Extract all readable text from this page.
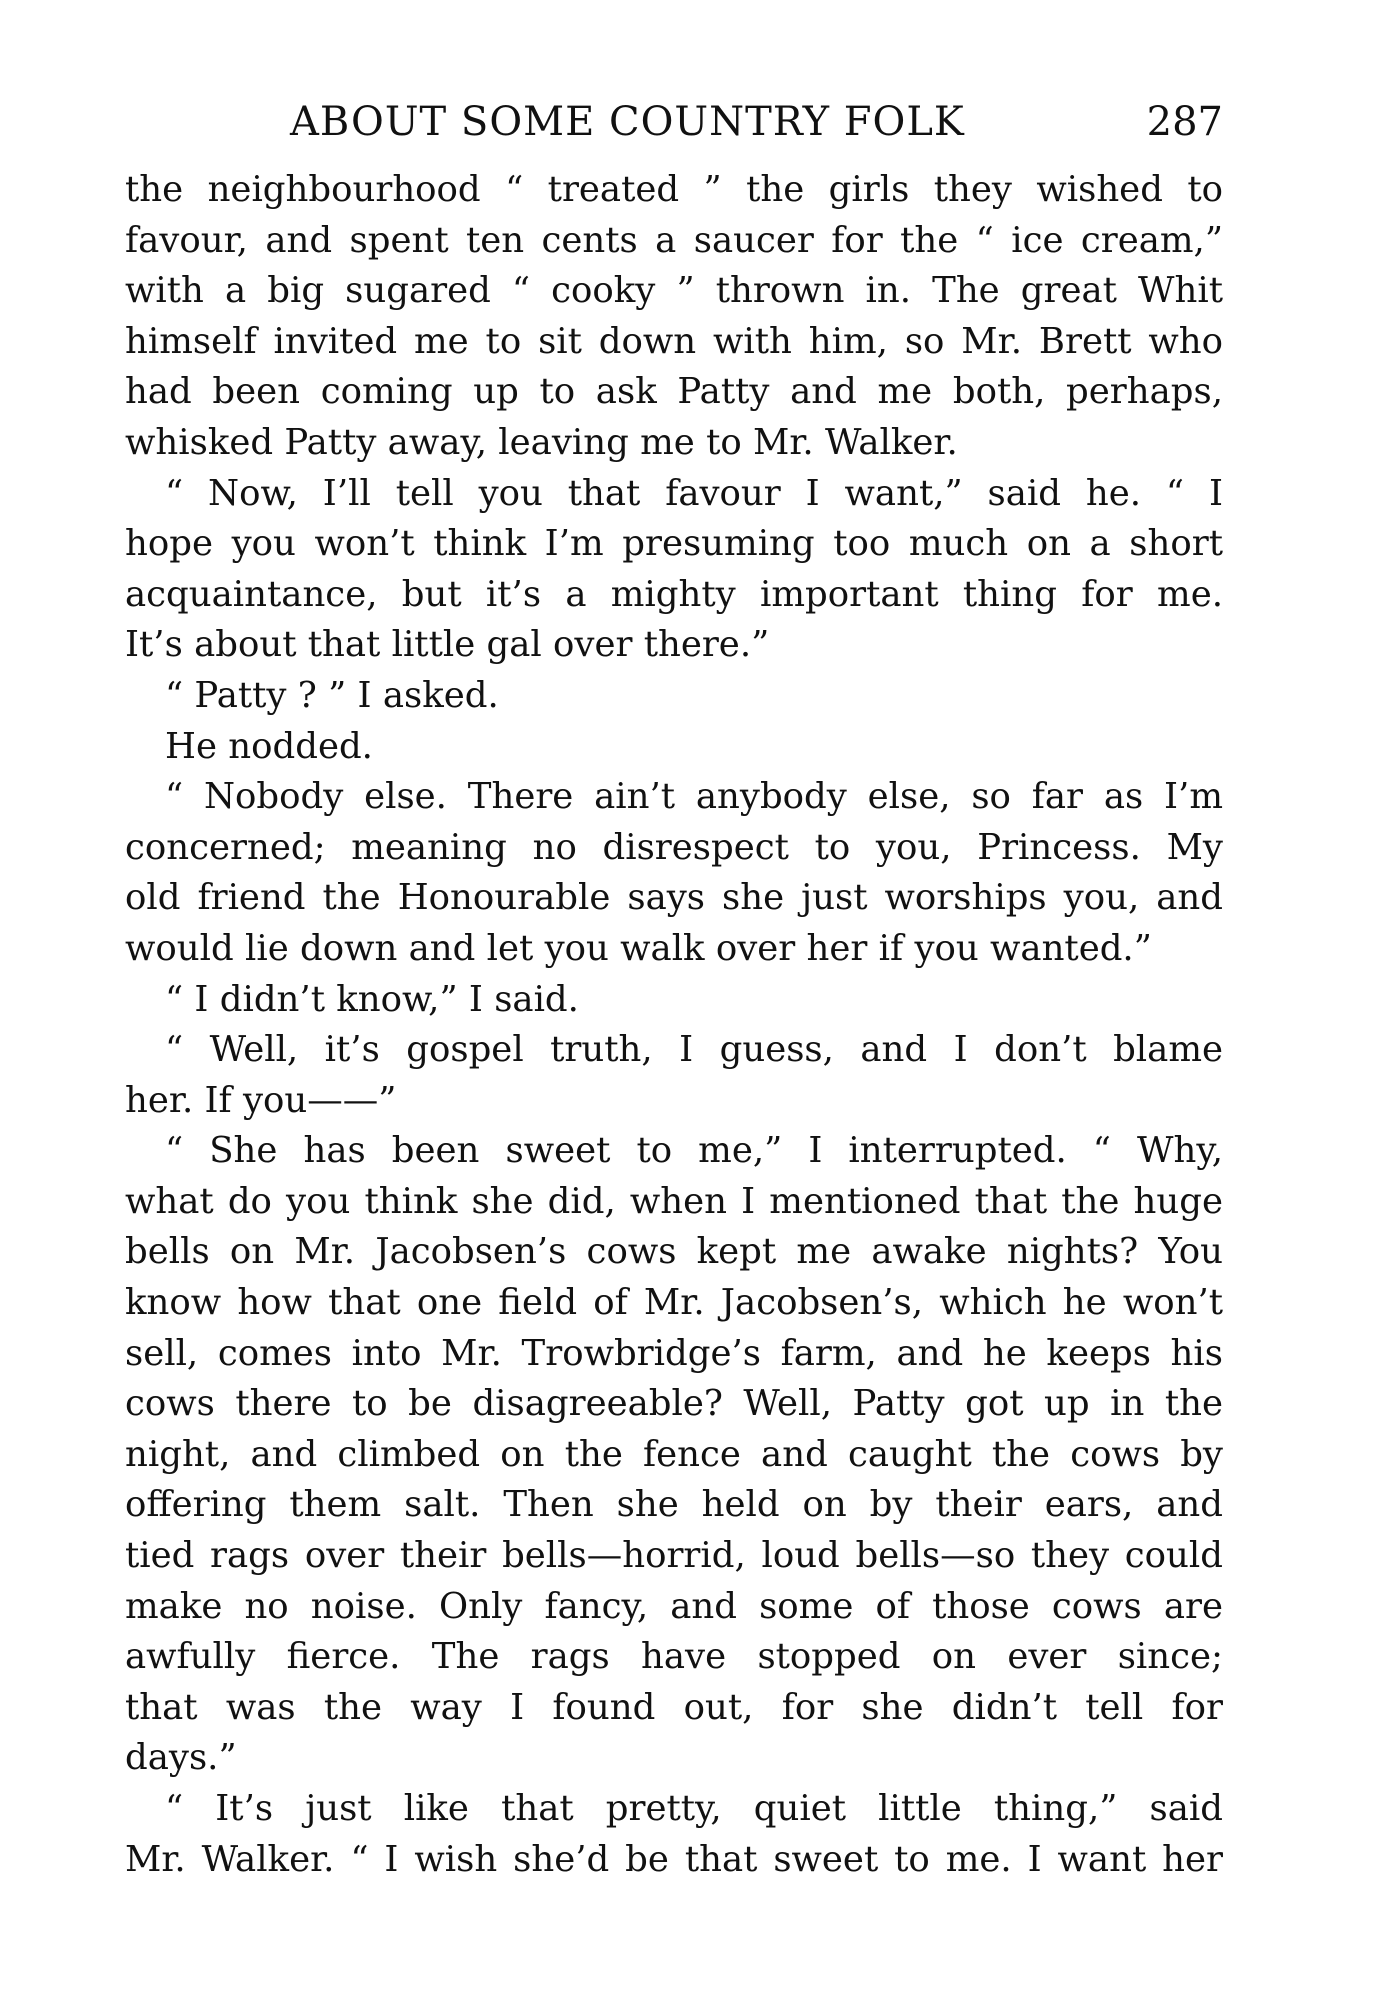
ABOUT SOME COUNTRY FOLK	287
the neighbourhood “ treated ” the girls they wished to
favour, and spent ten cents a saucer for the “ ice cream,”
with a big sugared “ cooky ” thrown in. The great Whit
himself invited me to sit down with him, so Mr. Brett who
had been coming up to ask Patty and me both, perhaps,
whisked Patty away, leaving me to Mr. Walker.
“ Now, I’ll tell you that favour I want,” said he. “ I
hope you won’t think I’m presuming too much on a short
acquaintance, but it’s a mighty important thing for me.
It’s about that little gal over there.”
“ Patty ? ” I asked.
He nodded.
“ Nobody else. There ain’t anybody else, so far as I’m
concerned; meaning no disrespect to you, Princess. My
old friend the Honourable says she just worships you, and
would lie down and let you walk over her if you wanted.”
“ I didn’t know,” I said.
“ Well, it’s gospel truth, I guess, and I don’t blame
her. If you——”
“ She has been sweet to me,” I interrupted. “ Why,
what do you think she did, when I mentioned that the huge
bells on Mr. Jacobsen’s cows kept me awake nights? You
know how that one field of Mr. Jacobsen’s, which he won’t
sell, comes into Mr. Trowbridge’s farm, and he keeps his
cows there to be disagreeable? Well, Patty got up in the
night, and climbed on the fence and caught the cows by
offering them salt. Then she held on by their ears, and
tied rags over their bells—horrid, loud bells—so they could
make no noise. Only fancy, and some of those cows are
awfully fierce. The rags have stopped on ever since;
that was the way I found out, for she didn’t tell for
days.”
“ It’s just like that pretty, quiet little thing,” said
Mr. Walker. “ I wish she’d be that sweet to me. I want her
